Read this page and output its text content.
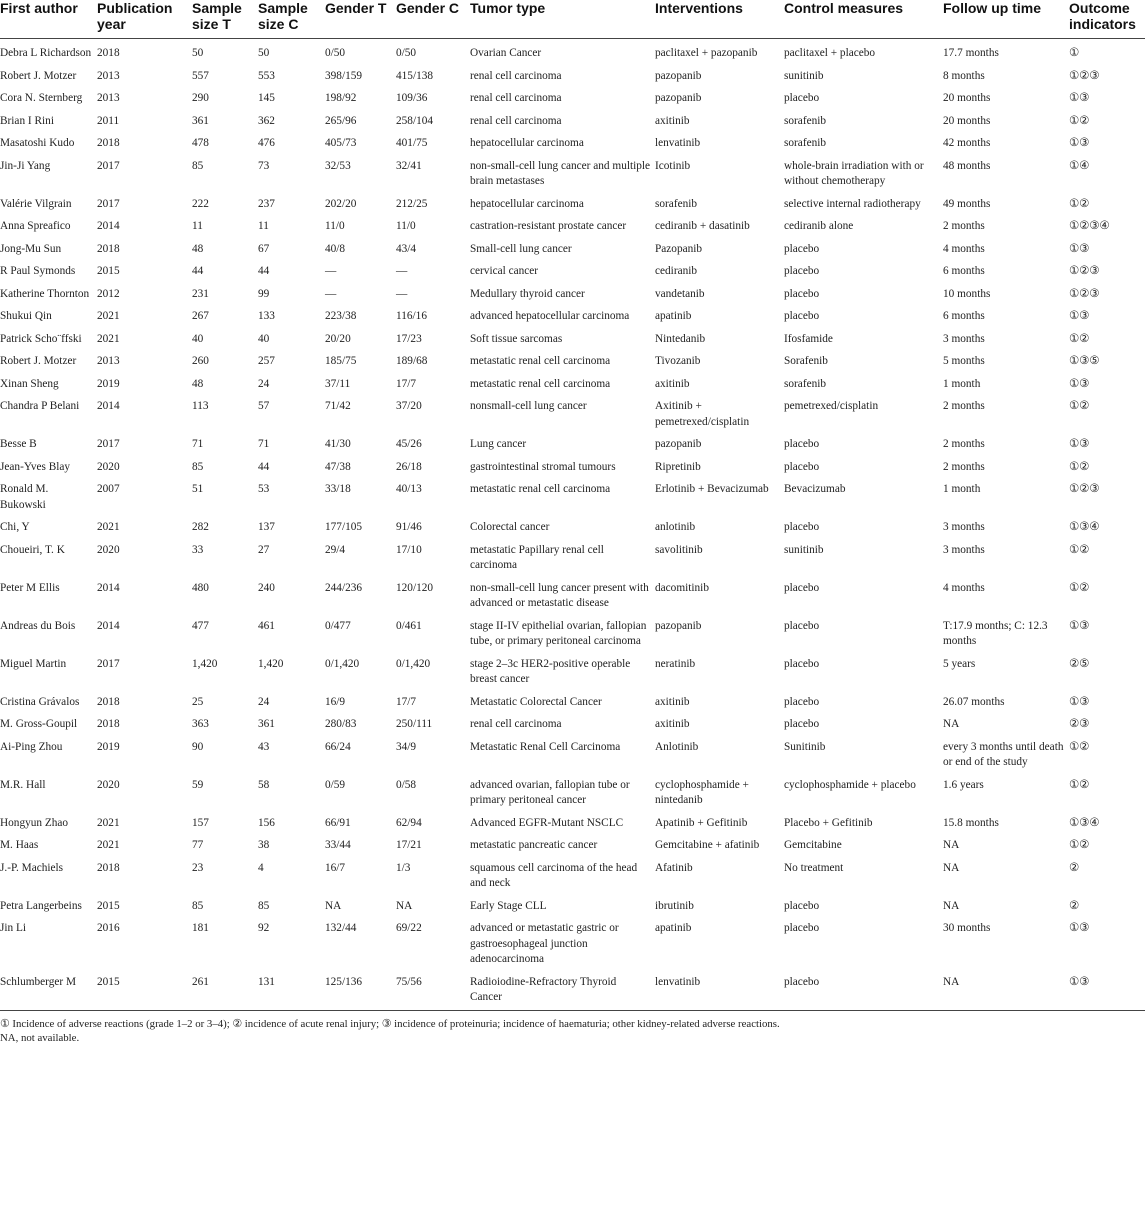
First author	Publication year	Sample size T	Sample size C	Gender T	Gender C	Tumor type	Interventions	Control measures	Follow up time	Outcome indicators
Debra L Richardson	2018	50	50	0/50	0/50	Ovarian Cancer	paclitaxel + pazopanib	paclitaxel + placebo	17.7 months	①
Robert J. Motzer	2013	557	553	398/159	415/138	renal cell carcinoma	pazopanib	sunitinib	8 months	①②③
Cora N. Sternberg	2013	290	145	198/92	109/36	renal cell carcinoma	pazopanib	placebo	20 months	①③
Brian I Rini	2011	361	362	265/96	258/104	renal cell carcinoma	axitinib	sorafenib	20 months	①②
Masatoshi Kudo	2018	478	476	405/73	401/75	hepatocellular carcinoma	lenvatinib	sorafenib	42 months	①③
Jin-Ji Yang	2017	85	73	32/53	32/41	non-small-cell lung cancer and multiple brain metastases	Icotinib	whole-brain irradiation with or without chemotherapy	48 months	①④
Valérie Vilgrain	2017	222	237	202/20	212/25	hepatocellular carcinoma	sorafenib	selective internal radiotherapy	49 months	①②
Anna Spreafico	2014	11	11	11/0	11/0	castration-resistant prostate cancer	cediranib + dasatinib	cediranib alone	2 months	①②③④
Jong-Mu Sun	2018	48	67	40/8	43/4	Small-cell lung cancer	Pazopanib	placebo	4 months	①③
R Paul Symonds	2015	44	44	—	—	cervical cancer	cediranib	placebo	6 months	①②③
Katherine Thornton	2012	231	99	—	—	Medullary thyroid cancer	vandetanib	placebo	10 months	①②③
Shukui Qin	2021	267	133	223/38	116/16	advanced hepatocellular carcinoma	apatinib	placebo	6 months	①③
Patrick Scho¨ffski	2021	40	40	20/20	17/23	Soft tissue sarcomas	Nintedanib	Ifosfamide	3 months	①②
Robert J. Motzer	2013	260	257	185/75	189/68	metastatic renal cell carcinoma	Tivozanib	Sorafenib	5 months	①③⑤
Xinan Sheng	2019	48	24	37/11	17/7	metastatic renal cell carcinoma	axitinib	sorafenib	1 month	①③
Chandra P Belani	2014	113	57	71/42	37/20	nonsmall-cell lung cancer	Axitinib + pemetrexed/cisplatin	pemetrexed/cisplatin	2 months	①②
Besse B	2017	71	71	41/30	45/26	Lung cancer	pazopanib	placebo	2 months	①③
Jean-Yves Blay	2020	85	44	47/38	26/18	gastrointestinal stromal tumours	Ripretinib	placebo	2 months	①②
Ronald M. Bukowski	2007	51	53	33/18	40/13	metastatic renal cell carcinoma	Erlotinib + Bevacizumab	Bevacizumab	1 month	①②③
Chi, Y	2021	282	137	177/105	91/46	Colorectal cancer	anlotinib	placebo	3 months	①③④
Choueiri, T. K	2020	33	27	29/4	17/10	metastatic Papillary renal cell carcinoma	savolitinib	sunitinib	3 months	①②
Peter M Ellis	2014	480	240	244/236	120/120	non-small-cell lung cancer present with advanced or metastatic disease	dacomitinib	placebo	4 months	①②
Andreas du Bois	2014	477	461	0/477	0/461	stage II-IV epithelial ovarian, fallopian tube, or primary peritoneal carcinoma	pazopanib	placebo	T:17.9 months; C: 12.3 months	①③
Miguel Martin	2017	1,420	1,420	0/1,420	0/1,420	stage 2–3c HER2-positive operable breast cancer	neratinib	placebo	5 years	②⑤
Cristina Grávalos	2018	25	24	16/9	17/7	Metastatic Colorectal Cancer	axitinib	placebo	26.07 months	①③
M. Gross-Goupil	2018	363	361	280/83	250/111	renal cell carcinoma	axitinib	placebo	NA	②③
Ai-Ping Zhou	2019	90	43	66/24	34/9	Metastatic Renal Cell Carcinoma	Anlotinib	Sunitinib	every 3 months until death or end of the study	①②
M.R. Hall	2020	59	58	0/59	0/58	advanced ovarian, fallopian tube or primary peritoneal cancer	cyclophosphamide + nintedanib	cyclophosphamide + placebo	1.6 years	①②
Hongyun Zhao	2021	157	156	66/91	62/94	Advanced EGFR-Mutant NSCLC	Apatinib + Gefitinib	Placebo + Gefitinib	15.8 months	①③④
M. Haas	2021	77	38	33/44	17/21	metastatic pancreatic cancer	Gemcitabine + afatinib	Gemcitabine	NA	①②
J.-P. Machiels	2018	23	4	16/7	1/3	squamous cell carcinoma of the head and neck	Afatinib	No treatment	NA	②
Petra Langerbeins	2015	85	85	NA	NA	Early Stage CLL	ibrutinib	placebo	NA	②
Jin Li	2016	181	92	132/44	69/22	advanced or metastatic gastric or gastroesophageal junction adenocarcinoma	apatinib	placebo	30 months	①③
Schlumberger M	2015	261	131	125/136	75/56	Radioiodine-Refractory Thyroid Cancer	lenvatinib	placebo	NA	①③
① Incidence of adverse reactions (grade 1–2 or 3–4); ② incidence of acute renal injury; ③ incidence of proteinuria; incidence of haematuria; other kidney-related adverse reactions.
NA, not available.
